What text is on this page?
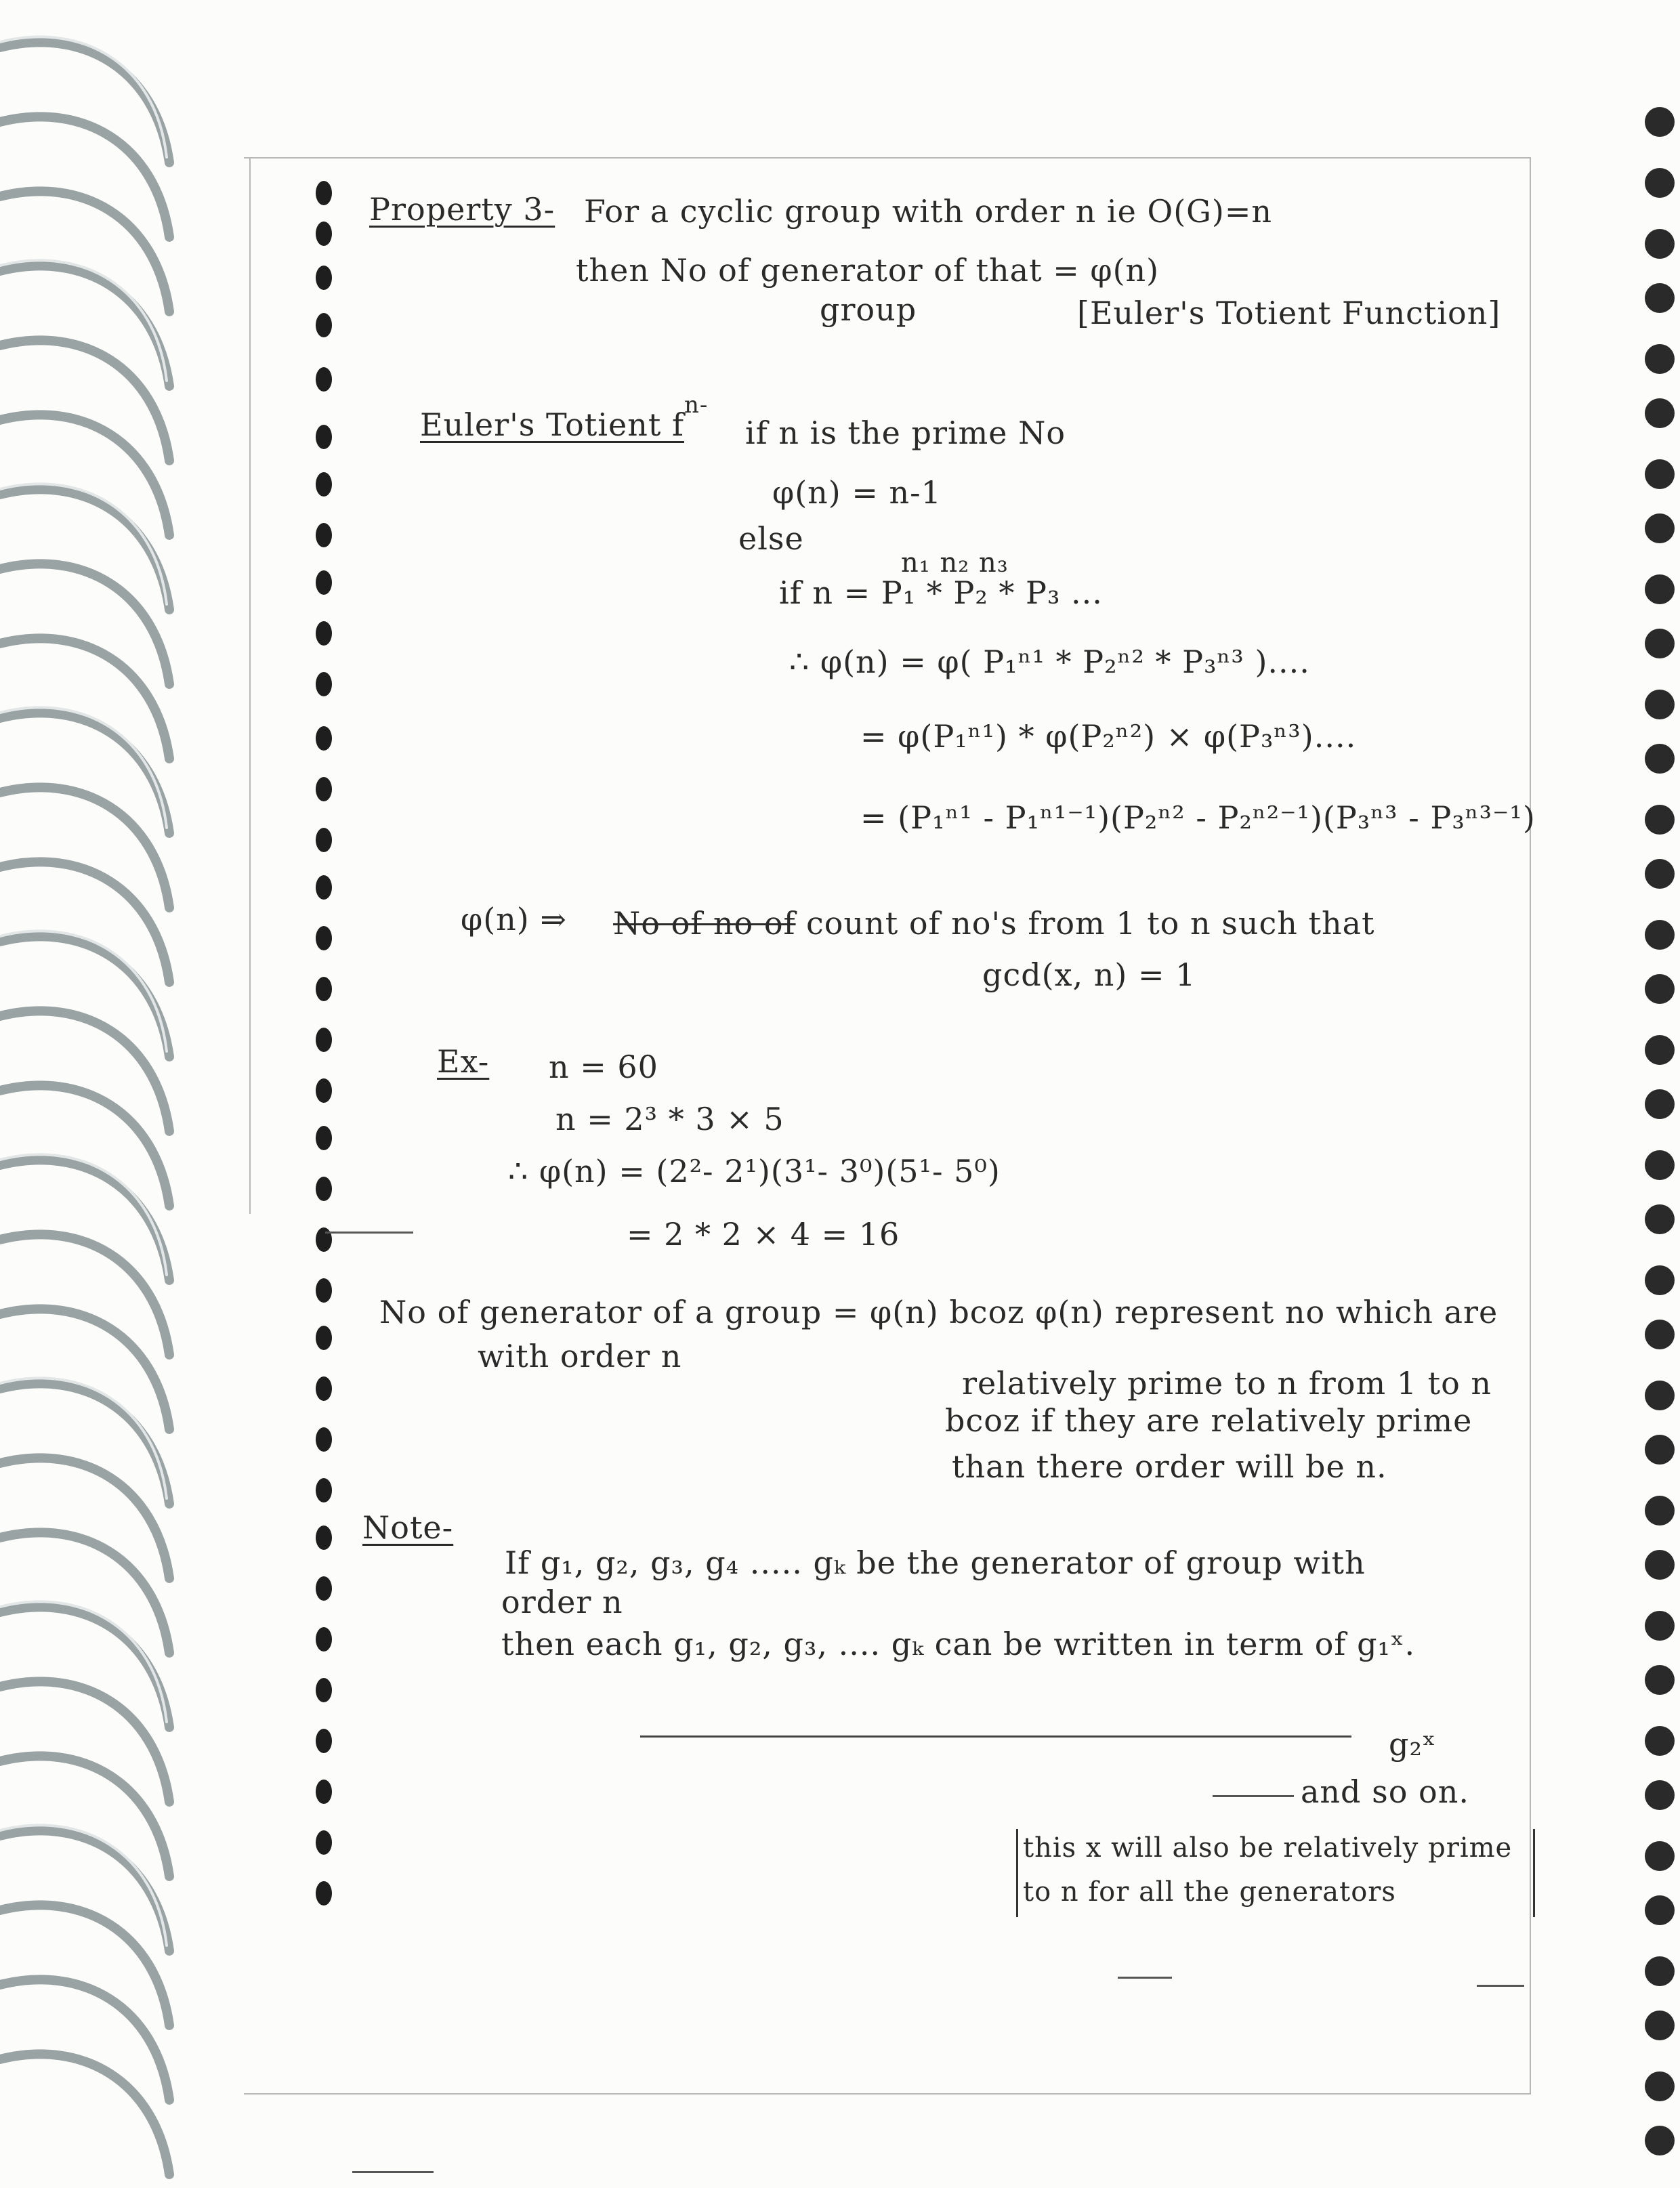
Property 3- For a cyclic group with order n ie O(G)=n
then No of generator of that = φ(n)
group	[Euler's Totient Function]
Euler's Totient f
n-
if n is the prime No
φ(n) = n-1
else
n₁ n₂ n₃
if n = P₁ * P₂ * P₃ ...
∴ φ(n) = φ( P₁ⁿ¹ * P₂ⁿ² * P₃ⁿ³ )....
= φ(P₁ⁿ¹) * φ(P₂ⁿ²) × φ(P₃ⁿ³)....
= (P₁ⁿ¹ - P₁ⁿ¹⁻¹)(P₂ⁿ² - P₂ⁿ²⁻¹)(P₃ⁿ³ - P₃ⁿ³⁻¹)
φ(n) ⇒ No of no of count of no's from 1 to n such that
gcd(x, n) = 1
Ex- n = 60
n = 2³ * 3 × 5
∴ φ(n) = (2²- 2¹)(3¹- 3⁰)(5¹- 5⁰)
= 2 * 2 × 4 = 16
No of generator of a group = φ(n) bcoz φ(n) represent no which are
with order n
relatively prime to n from 1 to n
bcoz if they are relatively prime
than there order will be n.
Note-
If g₁, g₂, g₃, g₄ ..... gₖ be the generator of group with
order n
then each g₁, g₂, g₃, .... gₖ can be written in term of g₁ˣ.
g₂ˣ
and so on.
this x will also be relatively prime
to n for all the generators
